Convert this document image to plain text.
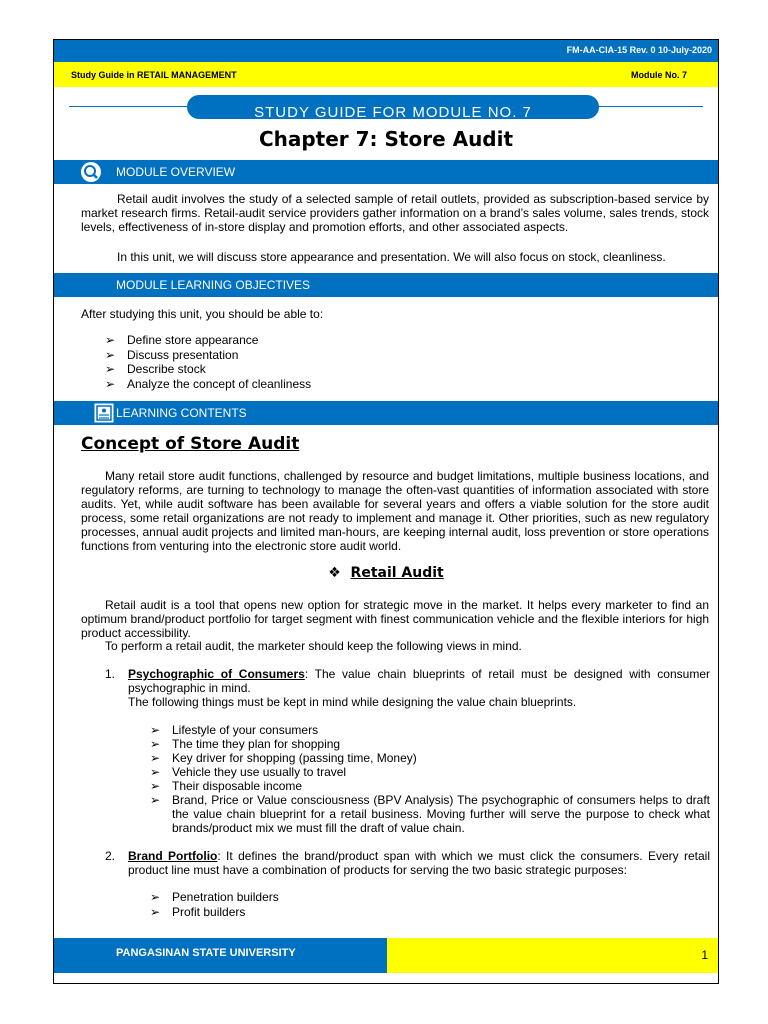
FM-AA-CIA-15 Rev. 0 10-July-2020
Study Guide in RETAIL MANAGEMENT	Module No. 7
STUDY GUIDE FOR MODULE NO. 7
Chapter 7: Store Audit
MODULE OVERVIEW
Retail audit involves the study of a selected sample of retail outlets, provided as subscription-based service by market research firms. Retail-audit service providers gather information on a brand’s sales volume, sales trends, stock levels, effectiveness of in-store display and promotion efforts, and other associated aspects.
In this unit, we will discuss store appearance and presentation. We will also focus on stock, cleanliness.
MODULE LEARNING OBJECTIVES
After studying this unit, you should be able to:
➢ Define store appearance
➢ Discuss presentation
➢ Describe stock
➢ Analyze the concept of cleanliness
LEARNING CONTENTS
Concept of Store Audit
Many retail store audit functions, challenged by resource and budget limitations, multiple business locations, and regulatory reforms, are turning to technology to manage the often-vast quantities of information associated with store audits. Yet, while audit software has been available for several years and offers a viable solution for the store audit process, some retail organizations are not ready to implement and manage it. Other priorities, such as new regulatory processes, annual audit projects and limited man-hours, are keeping internal audit, loss prevention or store operations functions from venturing into the electronic store audit world.
❖ Retail Audit
Retail audit is a tool that opens new option for strategic move in the market. It helps every marketer to find an optimum brand/product portfolio for target segment with finest communication vehicle and the flexible interiors for high product accessibility.
To perform a retail audit, the marketer should keep the following views in mind.
1. Psychographic of Consumers: The value chain blueprints of retail must be designed with consumer psychographic in mind.
The following things must be kept in mind while designing the value chain blueprints.
➢ Lifestyle of your consumers
➢ The time they plan for shopping
➢ Key driver for shopping (passing time, Money)
➢ Vehicle they use usually to travel
➢ Their disposable income
➢ Brand, Price or Value consciousness (BPV Analysis) The psychographic of consumers helps to draft the value chain blueprint for a retail business. Moving further will serve the purpose to check what brands/product mix we must fill the draft of value chain.
2. Brand Portfolio: It defines the brand/product span with which we must click the consumers. Every retail product line must have a combination of products for serving the two basic strategic purposes:
➢ Penetration builders
➢ Profit builders
PANGASINAN STATE UNIVERSITY	1
